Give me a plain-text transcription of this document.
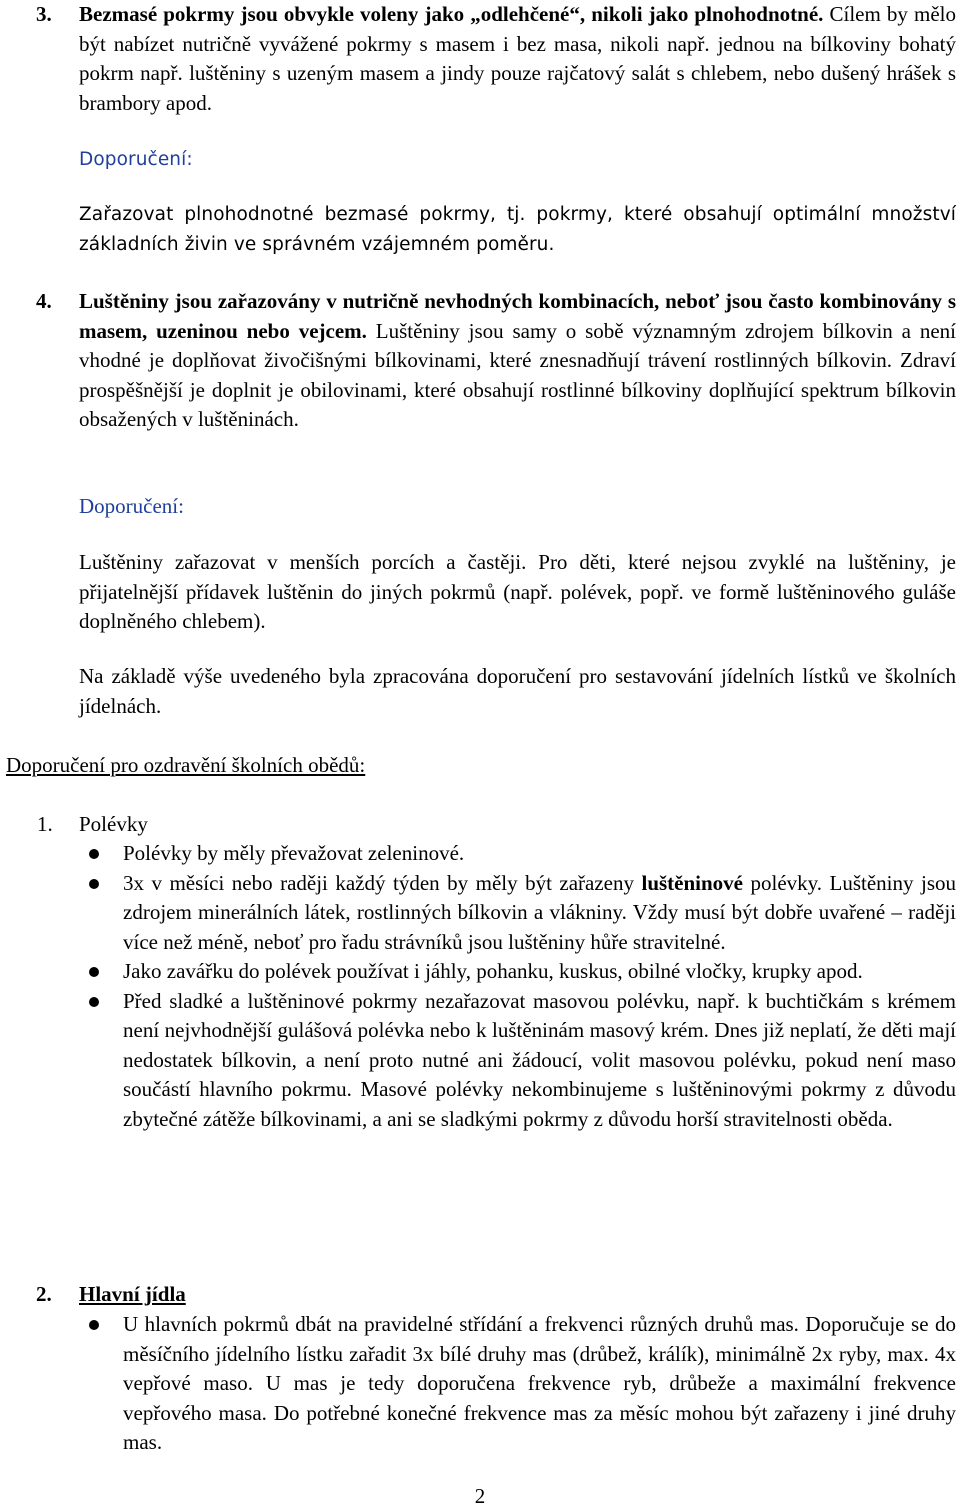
3. Bezmasé pokrmy jsou obvykle voleny jako „odlehčené“, nikoli jako plnohodnotné. Cílem by mělo být nabízet nutričně vyvážené pokrmy s masem i bez masa, nikoli např. jednou na bílkoviny bohatý pokrm např. luštěniny s uzeným masem a jindy pouze rajčatový salát s chlebem, nebo dušený hrášek s brambory apod.

Doporučení:

Zařazovat plnohodnotné bezmasé pokrmy, tj. pokrmy, které obsahují optimální množství základních živin ve správném vzájemném poměru.

4. Luštěniny jsou zařazovány v nutričně nevhodných kombinacích, neboť jsou často kombinovány s masem, uzeninou nebo vejcem. Luštěniny jsou samy o sobě významným zdrojem bílkovin a není vhodné je doplňovat živočišnými bílkovinami, které znesnadňují trávení rostlinných bílkovin. Zdraví prospěšnější je doplnit je obilovinami, které obsahují rostlinné bílkoviny doplňující spektrum bílkovin obsažených v luštěninách.

Doporučení:

Luštěniny zařazovat v menších porcích a častěji. Pro děti, které nejsou zvyklé na luštěniny, je přijatelnější přídavek luštěnin do jiných pokrmů (např. polévek, popř. ve formě luštěninového guláše doplněného chlebem).

Na základě výše uvedeného byla zpracována doporučení pro sestavování jídelních lístků ve školních jídelnách.

Doporučení pro ozdravění školních obědů:
1. Polévky
Polévky by měly převažovat zeleninové.
3x v měsíci nebo raději každý týden by měly být zařazeny luštěninové polévky. Luštěniny jsou zdrojem minerálních látek, rostlinných bílkovin a vlákniny. Vždy musí být dobře uvařené – raději více než méně, neboť pro řadu strávníků jsou luštěniny hůře stravitelné.
Jako zavářku do polévek používat i jáhly, pohanku, kuskus, obilné vločky, krupky apod.
Před sladké a luštěninové pokrmy nezařazovat masovou polévku, např. k buchtičkám s krémem není nejvhodnější gulášová polévka nebo k luštěninám masový krém. Dnes již neplatí, že děti mají nedostatek bílkovin, a není proto nutné ani žádoucí, volit masovou polévku, pokud není maso součástí hlavního pokrmu. Masové polévky nekombinujeme s luštěninovými pokrmy z důvodu zbytečné zátěže bílkovinami, a ani se sladkými pokrmy z důvodu horší stravitelnosti oběda.
2. Hlavní jídla
U hlavních pokrmů dbát na pravidelné střídání a frekvenci různých druhů mas. Doporučuje se do měsíčního jídelního lístku zařadit 3x bílé druhy mas (drůbež, králík), minimálně 2x ryby, max. 4x vepřové maso. U mas je tedy doporučena frekvence ryb, drůbeže a maximální frekvence vepřového masa. Do potřebné konečné frekvence mas za měsíc mohou být zařazeny i jiné druhy mas.
2
